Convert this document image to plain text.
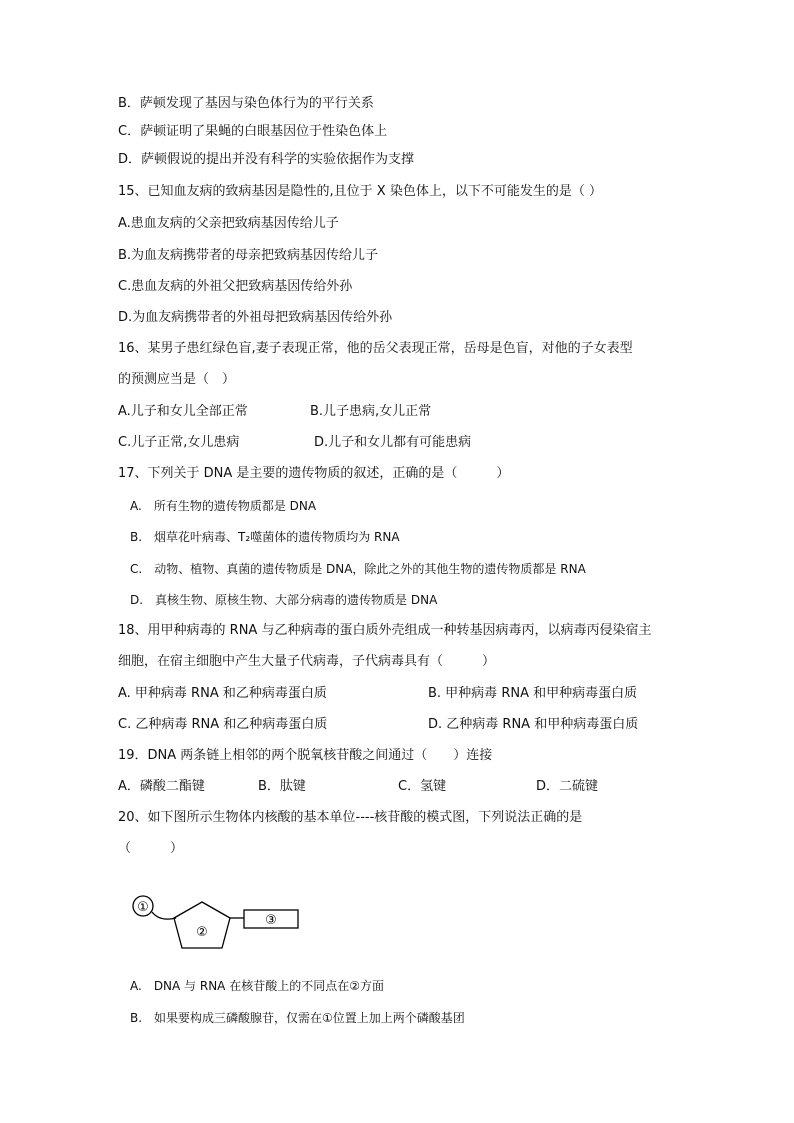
B．萨顿发现了基因与染色体行为的平行关系
C．萨顿证明了果蝇的白眼基因位于性染色体上
D．萨顿假说的提出并没有科学的实验依据作为支撑
15、已知血友病的致病基因是隐性的,且位于 X 染色体上，以下不可能发生的是（ ）
A.患血友病的父亲把致病基因传给儿子
B.为血友病携带者的母亲把致病基因传给儿子
C.患血友病的外祖父把致病基因传给外孙
D.为血友病携带者的外祖母把致病基因传给外孙
16、某男子患红绿色盲,妻子表现正常，他的岳父表现正常，岳母是色盲，对他的子女表型
的预测应当是（　）
A.儿子和女儿全部正常	B.儿子患病,女儿正常
C.儿子正常,女儿患病	D.儿子和女儿都有可能患病
17、下列关于 DNA 是主要的遗传物质的叙述，正确的是（　　　）
A.　所有生物的遗传物质都是 DNA
B.　烟草花叶病毒、T₂噬菌体的遗传物质均为 RNA
C.　动物、植物、真菌的遗传物质是 DNA，除此之外的其他生物的遗传物质都是 RNA
D.　真核生物、原核生物、大部分病毒的遗传物质是 DNA
18、用甲种病毒的 RNA 与乙种病毒的蛋白质外壳组成一种转基因病毒丙，以病毒丙侵染宿主
细胞，在宿主细胞中产生大量子代病毒，子代病毒具有（　　　）
A. 甲种病毒 RNA 和乙种病毒蛋白质	B. 甲种病毒 RNA 和甲种病毒蛋白质
C. 乙种病毒 RNA 和乙种病毒蛋白质	D. 乙种病毒 RNA 和甲种病毒蛋白质
19．DNA 两条链上相邻的两个脱氧核苷酸之间通过（　　）连接
A．磷酸二酯键	B．肽键	C．氢键	D．二硫键
20、如下图所示生物体内核酸的基本单位----核苷酸的模式图，下列说法正确的是
（　　　）
①
②
③
A.　DNA 与 RNA 在核苷酸上的不同点在②方面
B.　如果要构成三磷酸腺苷，仅需在①位置上加上两个磷酸基团
